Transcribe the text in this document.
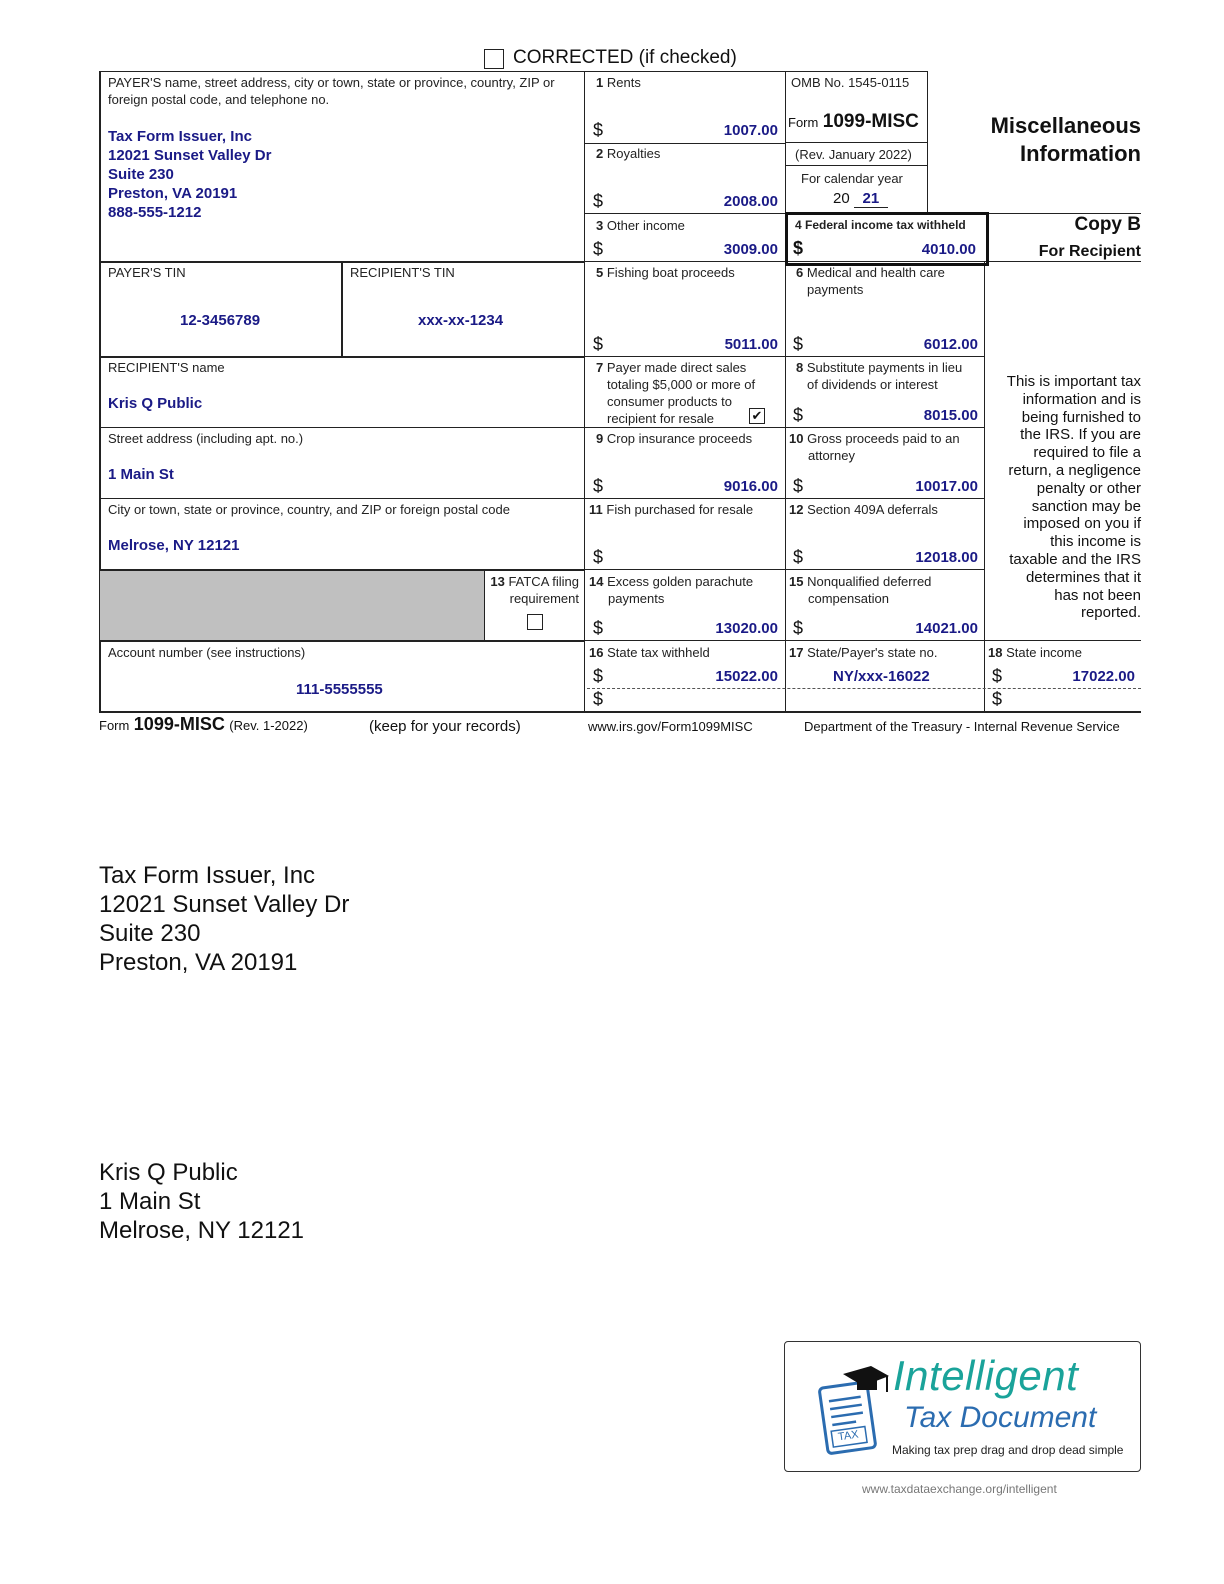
CORRECTED (if checked)
PAYER'S name, street address, city or town, state or province, country, ZIP or foreign postal code, and telephone no.
Tax Form Issuer, Inc
12021 Sunset Valley Dr
Suite 230
Preston, VA 20191
888-555-1212
PAYER'S TIN
12-3456789
RECIPIENT'S TIN
xxx-xx-1234
RECIPIENT'S name
Kris Q Public
Street address (including apt. no.)
1 Main St
City or town, state or province, country, and ZIP or foreign postal code
Melrose, NY 12121
13 FATCA filing
requirement
Account number (see instructions)
111-5555555
1 Rents
$	1007.00
2 Royalties
$	2008.00
3 Other income
$	3009.00
5 Fishing boat proceeds
$	5011.00
7 Payer made direct sales
totaling $5,000 or more of
consumer products to
recipient for resale	✔
9 Crop insurance proceeds
$	9016.00
11 Fish purchased for resale
$
14 Excess golden parachute
payments
$	13020.00
16 State tax withheld
$	15022.00
$
OMB No. 1545-0115
Form 1099-MISC
(Rev. January 2022)
For calendar year
20 21
4 Federal income tax withheld
$	4010.00
6 Medical and health care
payments
$	6012.00
8 Substitute payments in lieu
of dividends or interest
$	8015.00
10 Gross proceeds paid to an
attorney
$	10017.00
12 Section 409A deferrals
$	12018.00
15 Nonqualified deferred
compensation
$	14021.00
17 State/Payer's state no.
NY/xxx-16022
Miscellaneous
Information
Copy B
For Recipient
This is important tax
information and is
being furnished to
the IRS. If you are
required to file a
return, a negligence
penalty or other
sanction may be
imposed on you if
this income is
taxable and the IRS
determines that it
has not been
reported.
18 State income
$	17022.00
$
Form 1099-MISC (Rev. 1-2022)	(keep for your records)	www.irs.gov/Form1099MISC	Department of the Treasury - Internal Revenue Service
Tax Form Issuer, Inc
12021 Sunset Valley Dr
Suite 230
Preston, VA 20191
Kris Q Public
1 Main St
Melrose, NY 12121
TAX
Intelligent
Tax Document
Making tax prep drag and drop dead simple
www.taxdataexchange.org/intelligent
